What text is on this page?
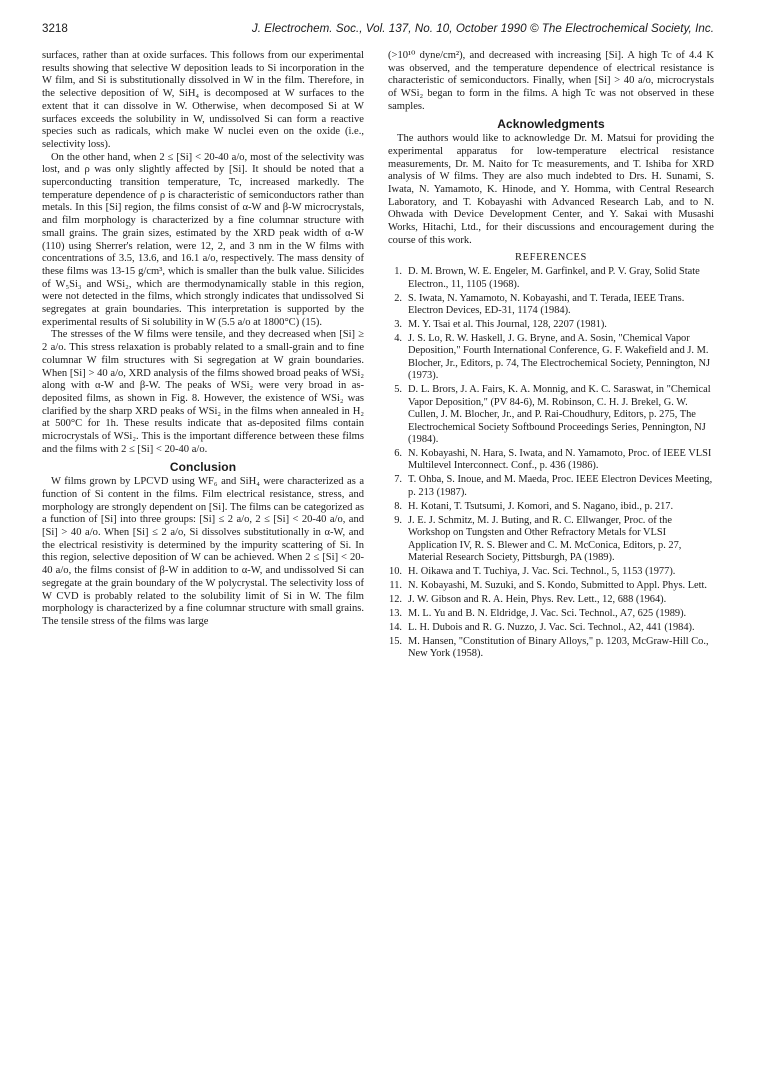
3218	J. Electrochem. Soc., Vol. 137, No. 10, October 1990 © The Electrochemical Society, Inc.

surfaces, rather than at oxide surfaces. This follows from our experimental results showing that selective W deposition leads to Si incorporation in the W film, and Si is substitutionally dissolved in W in the film. Therefore, in the selective deposition of W, SiH₄ is decomposed at W surfaces to the extent that it can dissolve in W. Otherwise, when decomposed Si at W surfaces exceeds the solubility in W, undissolved Si can form a reactive species such as radicals, which make W nuclei even on the oxide (i.e., selectivity loss).

On the other hand, when 2 ≤ [Si] < 20-40 a/o, most of the selectivity was lost, and ρ was only slightly affected by [Si]. It should be noted that a superconducting transition temperature, Tc, increased markedly. The temperature dependence of ρ is characteristic of semiconductors rather than metals. In this [Si] region, the films consist of α-W and β-W microcrystals, and film morphology is characterized by a fine columnar structure with small grains. The grain sizes, estimated by the XRD peak width of α-W (110) using Sherrer's relation, were 12, 2, and 3 nm in the W films with concentrations of 3.5, 13.6, and 16.1 a/o, respectively. The mass density of these films was 13-15 g/cm³, which is smaller than the bulk value. Silicides of W₅Si₃ and WSi₂, which are thermodynamically stable in this region, were not detected in the films, which strongly indicates that undissolved Si segregates at grain boundaries. This interpretation is supported by the experimental results of Si solubility in W (5.5 a/o at 1800°C) (15).

The stresses of the W films were tensile, and they decreased when [Si] ≥ 2 a/o. This stress relaxation is probably related to a small-grain and to fine columnar W film structures with Si segregation at W grain boundaries. When [Si] > 40 a/o, XRD analysis of the films showed broad peaks of WSi₂ along with α-W and β-W. The peaks of WSi₂ were very broad in as-deposited films, as shown in Fig. 8. However, the existence of WSi₂ was clarified by the sharp XRD peaks of WSi₂ in the films when annealed in H₂ at 500°C for 1h. These results indicate that as-deposited films contain microcrystals of WSi₂. This is the important difference between these films and the films with 2 ≤ [Si] < 20-40 a/o.

Conclusion

W films grown by LPCVD using WF₆ and SiH₄ were characterized as a function of Si content in the films. Film electrical resistance, stress, and morphology are strongly dependent on [Si]. The films can be categorized as a function of [Si] into three groups: [Si] ≤ 2 a/o, 2 ≤ [Si] < 20-40 a/o, and [Si] > 40 a/o. When [Si] ≤ 2 a/o, Si dissolves substitutionally in α-W, and the electrical resistivity is determined by the impurity scattering of Si. In this region, selective deposition of W can be achieved. When 2 ≤ [Si] < 20-40 a/o, the films consist of β-W in addition to α-W, and undissolved Si can segregate at the grain boundary of the W polycrystal. The selectivity loss of W CVD is probably related to the solubility limit of Si in W. The film morphology is characterized by a fine columnar structure with small grains. The tensile stress of the films was large

(>10¹⁰ dyne/cm²), and decreased with increasing [Si]. A high Tc of 4.4 K was observed, and the temperature dependence of electrical resistance is characteristic of semiconductors. Finally, when [Si] > 40 a/o, microcrystals of WSi₂ began to form in the films. A high Tc was not observed in these samples.

Acknowledgments

The authors would like to acknowledge Dr. M. Matsui for providing the experimental apparatus for low-temperature electrical resistance measurements, Dr. M. Naito for Tc measurements, and T. Ishiba for XRD analysis of W films. They are also much indebted to Drs. H. Sunami, S. Iwata, N. Yamamoto, K. Hinode, and Y. Homma, with Central Research Laboratory, and T. Kobayashi with Advanced Research Lab, and to N. Ohwada with Device Development Center, and Y. Sakai with Musashi Works, Hitachi, Ltd., for their discussions and encouragement during the course of this work.

REFERENCES
1. D. M. Brown, W. E. Engeler, M. Garfinkel, and P. V. Gray, Solid State Electron., 11, 1105 (1968).
2. S. Iwata, N. Yamamoto, N. Kobayashi, and T. Terada, IEEE Trans. Electron Devices, ED-31, 1174 (1984).
3. M. Y. Tsai et al. This Journal, 128, 2207 (1981).
4. J. S. Lo, R. W. Haskell, J. G. Bryne, and A. Sosin, "Chemical Vapor Deposition," Fourth International Conference, G. F. Wakefield and J. M. Blocher, Jr., Editors, p. 74, The Electrochemical Society, Pennington, NJ (1973).
5. D. L. Brors, J. A. Fairs, K. A. Monnig, and K. C. Saraswat, in "Chemical Vapor Deposition," (PV 84-6), M. Robinson, C. H. J. Brekel, G. W. Cullen, J. M. Blocher, Jr., and P. Rai-Choudhury, Editors, p. 275, The Electrochemical Society Softbound Proceedings Series, Pennington, NJ (1984).
6. N. Kobayashi, N. Hara, S. Iwata, and N. Yamamoto, Proc. of IEEE VLSI Multilevel Interconnect. Conf., p. 436 (1986).
7. T. Ohba, S. Inoue, and M. Maeda, Proc. IEEE Electron Devices Meeting, p. 213 (1987).
8. H. Kotani, T. Tsutsumi, J. Komori, and S. Nagano, ibid., p. 217.
9. J. E. J. Schmitz, M. J. Buting, and R. C. Ellwanger, Proc. of the Workshop on Tungsten and Other Refractory Metals for VLSI Application IV, R. S. Blewer and C. M. McConica, Editors, p. 27, Material Research Society, Pittsburgh, PA (1989).
10. H. Oikawa and T. Tuchiya, J. Vac. Sci. Technol., 5, 1153 (1977).
11. N. Kobayashi, M. Suzuki, and S. Kondo, Submitted to Appl. Phys. Lett.
12. J. W. Gibson and R. A. Hein, Phys. Rev. Lett., 12, 688 (1964).
13. M. L. Yu and B. N. Eldridge, J. Vac. Sci. Technol., A7, 625 (1989).
14. L. H. Dubois and R. G. Nuzzo, J. Vac. Sci. Technol., A2, 441 (1984).
15. M. Hansen, "Constitution of Binary Alloys," p. 1203, McGraw-Hill Co., New York (1958).
